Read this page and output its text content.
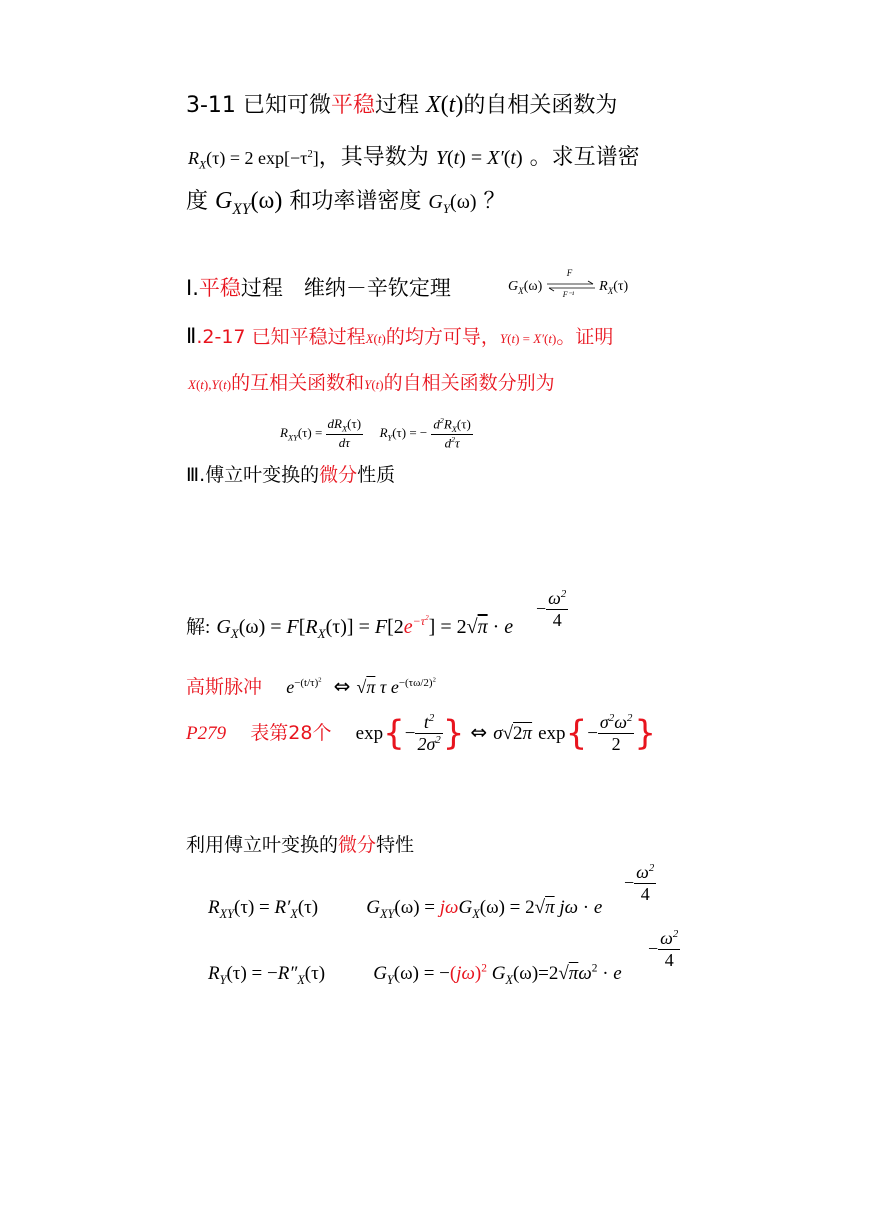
3-11 已知可微平稳过程 X(t)的自相关函数为
$R_X(\tau) = 2$ $\exp[-\tau^2]$，其导数为 Y(t) = X′(t) 。求互谱密
度 $G_{XY}(\omega)$ 和功率谱密度 $G_Y(\omega)$ ？
Ⅰ.平稳过程　维纳－辛钦定理	$G_X(\omega)$
F
F⁻¹
$R_X(\tau)$
Ⅱ.2-17 已知平稳过程X(t)的均方可导，Y(t) = X′(t)。证明
X(t),Y(t)的互相关函数和Y(t)的自相关函数分别为
$R_{XY}(\tau) = \frac{dR_X(\tau)}{d\tau} R_Y(\tau)$ = − $\frac{d^2R_X(\tau)}{d^2\tau}$
Ⅲ.傅立叶变换的微分性质
解: $G_X(\omega) = F[R_X(\tau)] = F[2e^{-\tau^2}] = 2√\pi \cdot e$
− $\frac{\omega^2}{4}$
高斯脉冲 $e^{-(t/\tau)^2}$ ⇔ √π τ $e^{-(\tau\omega/2)^2}$
P279 表第28个 $\exp\{- \frac{t^2}{2\sigma^2}$ } ⇔ $\sigma√2\overline{\pi}$ $\exp\{- \frac{\sigma^2\omega^2}{2}$ }
利用傅立叶变换的微分特性
$R_{XY}(\tau) = R'_X(\tau)$	$G_{XY}(\omega) = j\omega G_X(\omega) = 2√\pi$ jω · e
− $\frac{\omega^2}{4}$
$R_Y(\tau) = -R''_X(\tau)$	$G_Y(\omega) = -(j\omega)^2$ $G_X(\omega)=2√\pi\omega^2 \cdot e$
− $\frac{\omega^2}{4}$
